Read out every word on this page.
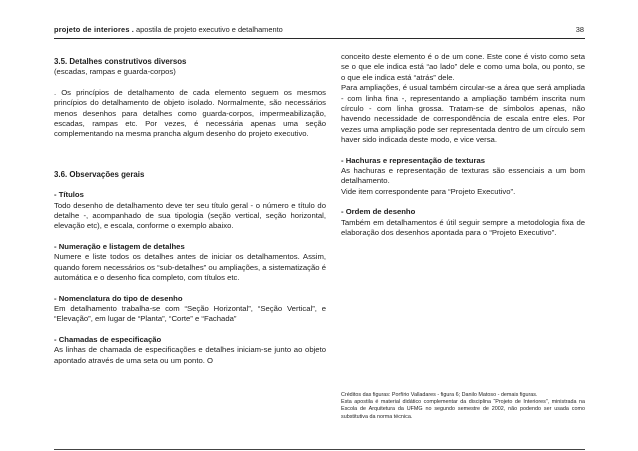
projeto de interiores . apostila de projeto executivo e detalhamento	38

3.5. Detalhes construtivos diversos

(escadas, rampas e guarda-corpos)

. Os princípios de detalhamento de cada elemento seguem os mesmos princípios do detalhamento de objeto isolado. Normalmente, são necessários menos desenhos para detalhes como guarda-corpos, impermeabilização, escadas, rampas etc. Por vezes, é necessária apenas uma seção complementando na mesma prancha algum desenho do projeto executivo.

3.6. Observações gerais

- Títulos

Todo desenho de detalhamento deve ter seu título geral - o número e título do detalhe -, acompanhado de sua tipologia (seção vertical, seção horizontal, elevação etc), e escala, conforme o exemplo abaixo.

- Numeração e listagem de detalhes

Numere e liste todos os detalhes antes de iniciar os detalhamentos. Assim, quando forem necessários os “sub-detalhes” ou ampliações, a sistematização é automática e o desenho fica completo, com títulos etc.

- Nomenclatura do tipo de desenho

Em detalhamento trabalha-se com “Seção Horizontal”, “Seção Vertical”, e “Elevação”, em lugar de “Planta”, “Corte” e “Fachada”

- Chamadas de especificação

As linhas de chamada de especificações e detalhes iniciam-se junto ao objeto apontado através de uma seta ou um ponto. O

conceito deste elemento é o de um cone. Este cone é visto como seta se o que ele indica está “ao lado” dele e como uma bola, ou ponto, se o que ele indica está “atrás” dele.

Para ampliações, é usual também circular-se a área que será ampliada - com linha fina -, representando a ampliação também inscrita num círculo - com linha grossa. Tratam-se de símbolos apenas, não havendo necessidade de correspondência de escala entre eles. Por vezes uma ampliação pode ser representada dentro de um círculo sem haver sido indicada deste modo, e vice versa.

- Hachuras e representação de texturas

As hachuras e representação de texturas são essenciais a um bom detalhamento.

Vide item correspondente para “Projeto Executivo”.

- Ordem de desenho

Também em detalhamentos é útil seguir sempre a metodologia fixa de elaboração dos desenhos apontada para o “Projeto Executivo”.

Créditos das figuras: Porfírio Valladares - figura 6; Danilo Matoso - demais figuras.

Esta apostila é material didático complementar da disciplina “Projeto de Interiores”, ministrada na Escola de Arquitetura da UFMG no segundo semestre de 2002, não podendo ser usada como substitutiva da norma técnica.
